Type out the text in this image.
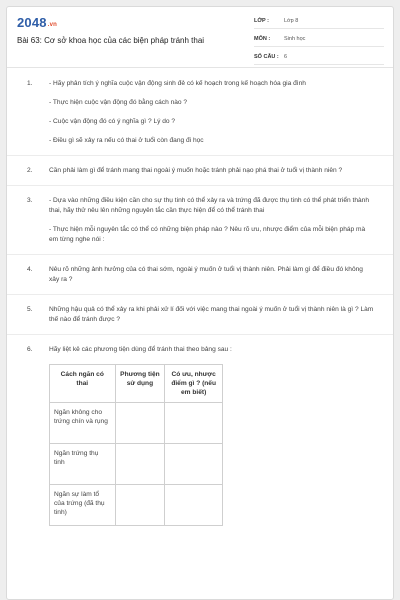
2048.vn
Bài 63: Cơ sở khoa học của các biện pháp tránh thai
LỚP :	Lớp 8
MÔN :	Sinh học
SỐ CÂU : 6
1.	- Hãy phân tích ý nghĩa cuộc vận động sinh đẻ có kế hoạch trong kế hoạch hóa gia đình

- Thực hiện cuộc vận động đó bằng cách nào ?

- Cuộc vận động đó có ý nghĩa gì ? Lý do ?

- Điều gì sẽ xảy ra nếu có thai ở tuổi còn đang đi học

2.	Cần phải làm gì để tránh mang thai ngoài ý muốn hoặc tránh phải nạo phá thai ở tuổi vị thành niên ?

3.	- Dựa vào những điều kiện cần cho sự thụ tinh có thể xảy ra và trứng đã được thụ tinh có thể phát triển thành thai, hãy thử nêu lên những nguyên tắc cần thực hiện để có thể tránh thai

- Thực hiện mỗi nguyên tắc có thể có những biện pháp nào ? Nêu rõ ưu, nhược điểm của mỗi biện pháp mà em từng nghe nói :

4.	Nêu rõ những ảnh hưởng của có thai sớm, ngoài ý muốn ở tuổi vị thành niên. Phải làm gì để điều đó không xảy ra ?

5.	Những hậu quả có thể xảy ra khi phải xử lí đối với việc mang thai ngoài ý muốn ở tuổi vị thành niên là gì ? Làm thế nào để tránh được ?

6.	Hãy liệt kê các phương tiện dùng để tránh thai theo bảng sau :

Cách ngăn có thai	Phương tiện sử dụng	Có ưu, nhược điểm gì ? (nếu em biết)
Ngăn không cho trứng chín và rụng		
Ngăn trứng thụ tinh		
Ngăn sự làm tổ của trứng (đã thụ tinh)		
